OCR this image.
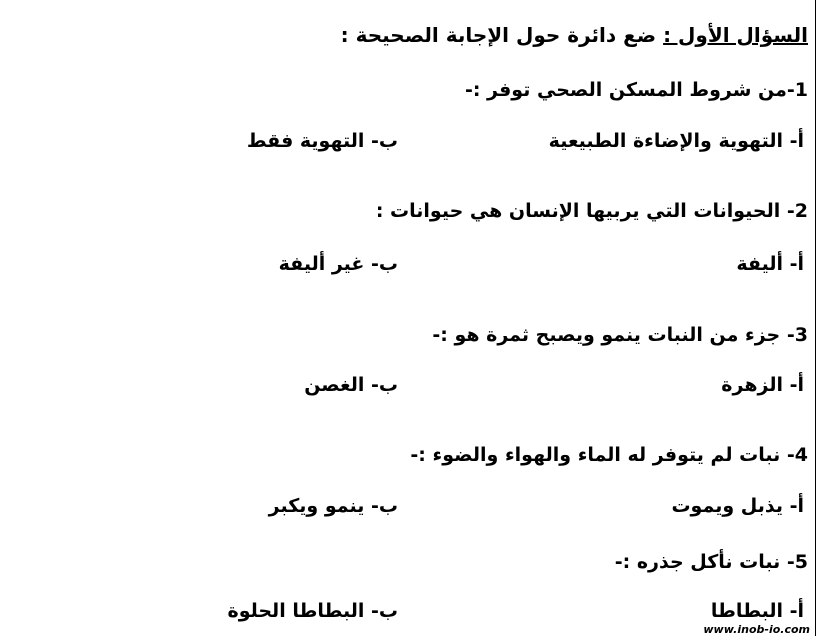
السؤال الأول : ضع دائرة حول الإجابة الصحيحة :
1-من شروط المسكن الصحي توفر :-
أ- التهوية والإضاءة الطبيعية
ب- التهوية فقط
2- الحيوانات التي يربيها الإنسان هي حيوانات :
أ- أليفة
ب- غير أليفة
3- جزء من النبات ينمو ويصبح ثمرة هو :-
أ- الزهرة
ب- الغصن
4- نبات لم يتوفر له الماء والهواء والضوء :-
أ- يذبل ويموت
ب- ينمو ويكبر
5- نبات نأكل جذره :-
أ- البطاطا
ب- البطاطا الحلوة
www.inob-io.com
